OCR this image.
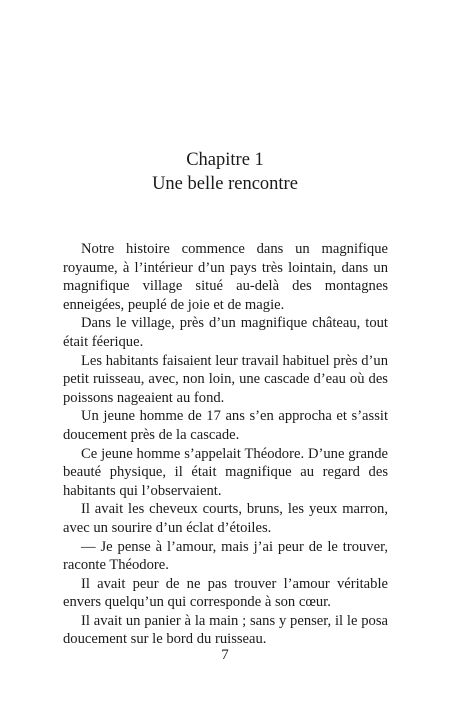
Chapitre 1
Une belle rencontre

Notre histoire commence dans un magnifique royaume, à l’intérieur d’un pays très lointain, dans un magnifique village situé au-delà des montagnes enneigées, peuplé de joie et de magie.

Dans le village, près d’un magnifique château, tout était féerique.

Les habitants faisaient leur travail habituel près d’un petit ruisseau, avec, non loin, une cascade d’eau où des poissons nageaient au fond.

Un jeune homme de 17 ans s’en approcha et s’assit doucement près de la cascade.

Ce jeune homme s’appelait Théodore. D’une grande beauté physique, il était magnifique au regard des habitants qui l’observaient.

Il avait les cheveux courts, bruns, les yeux marron, avec un sourire d’un éclat d’étoiles.

— Je pense à l’amour, mais j’ai peur de le trouver, raconte Théodore.

Il avait peur de ne pas trouver l’amour véritable envers quelqu’un qui corresponde à son cœur.

Il avait un panier à la main ; sans y penser, il le posa doucement sur le bord du ruisseau.

7
